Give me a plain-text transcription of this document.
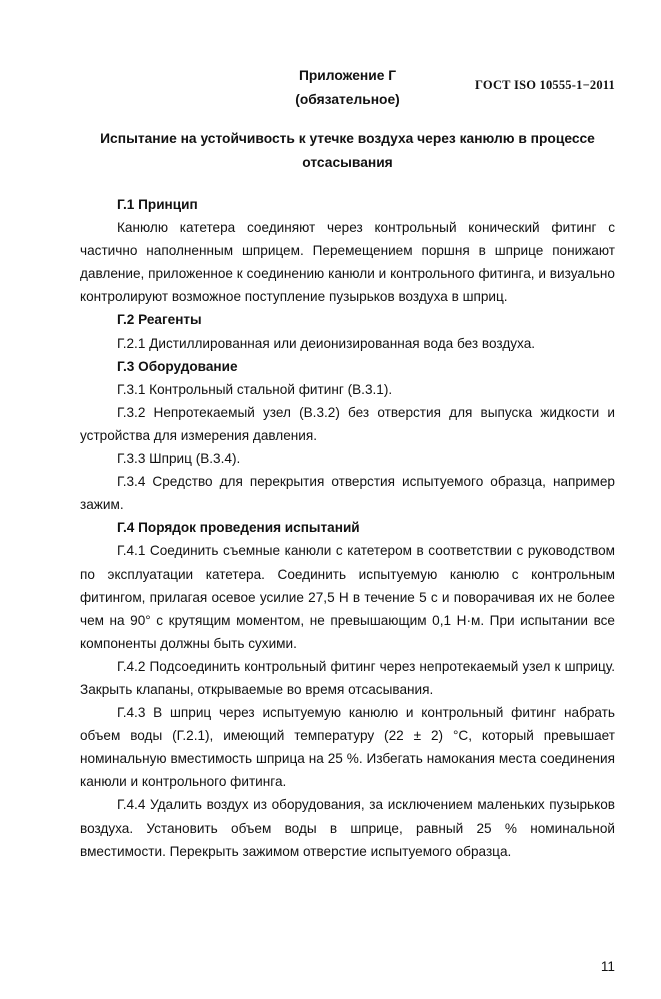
ГОСТ ISO 10555-1−2011
Приложение Г
(обязательное)
Испытание на устойчивость к утечке воздуха через канюлю в процессе отсасывания

Г.1 Принцип

Канюлю катетера соединяют через контрольный конический фитинг с частично наполненным шприцем. Перемещением поршня в шприце понижают давление, приложенное к соединению канюли и контрольного фитинга, и визуально контролируют возможное поступление пузырьков воздуха в шприц.

Г.2 Реагенты

Г.2.1 Дистиллированная или деионизированная вода без воздуха.

Г.3 Оборудование

Г.3.1 Контрольный стальной фитинг (В.3.1).

Г.3.2 Непротекаемый узел (В.3.2) без отверстия для выпуска жидкости и устройства для измерения давления.

Г.3.3 Шприц (В.3.4).

Г.3.4 Средство для перекрытия отверстия испытуемого образца, например зажим.

Г.4 Порядок проведения испытаний

Г.4.1 Соединить съемные канюли с катетером в соответствии с руководством по эксплуатации катетера. Соединить испытуемую канюлю с контрольным фитингом, прилагая осевое усилие 27,5 Н в течение 5 с и поворачивая их не более чем на 90° с крутящим моментом, не превышающим 0,1 Н·м. При испытании все компоненты должны быть сухими.

Г.4.2 Подсоединить контрольный фитинг через непротекаемый узел к шприцу. Закрыть клапаны, открываемые во время отсасывания.

Г.4.3 В шприц через испытуемую канюлю и контрольный фитинг набрать объем воды (Г.2.1), имеющий температуру (22 ± 2) °С, который превышает номинальную вместимость шприца на 25 %. Избегать намокания места соединения канюли и контрольного фитинга.

Г.4.4 Удалить воздух из оборудования, за исключением маленьких пузырьков воздуха. Установить объем воды в шприце, равный 25 % номинальной вместимости. Перекрыть зажимом отверстие испытуемого образца.

11
